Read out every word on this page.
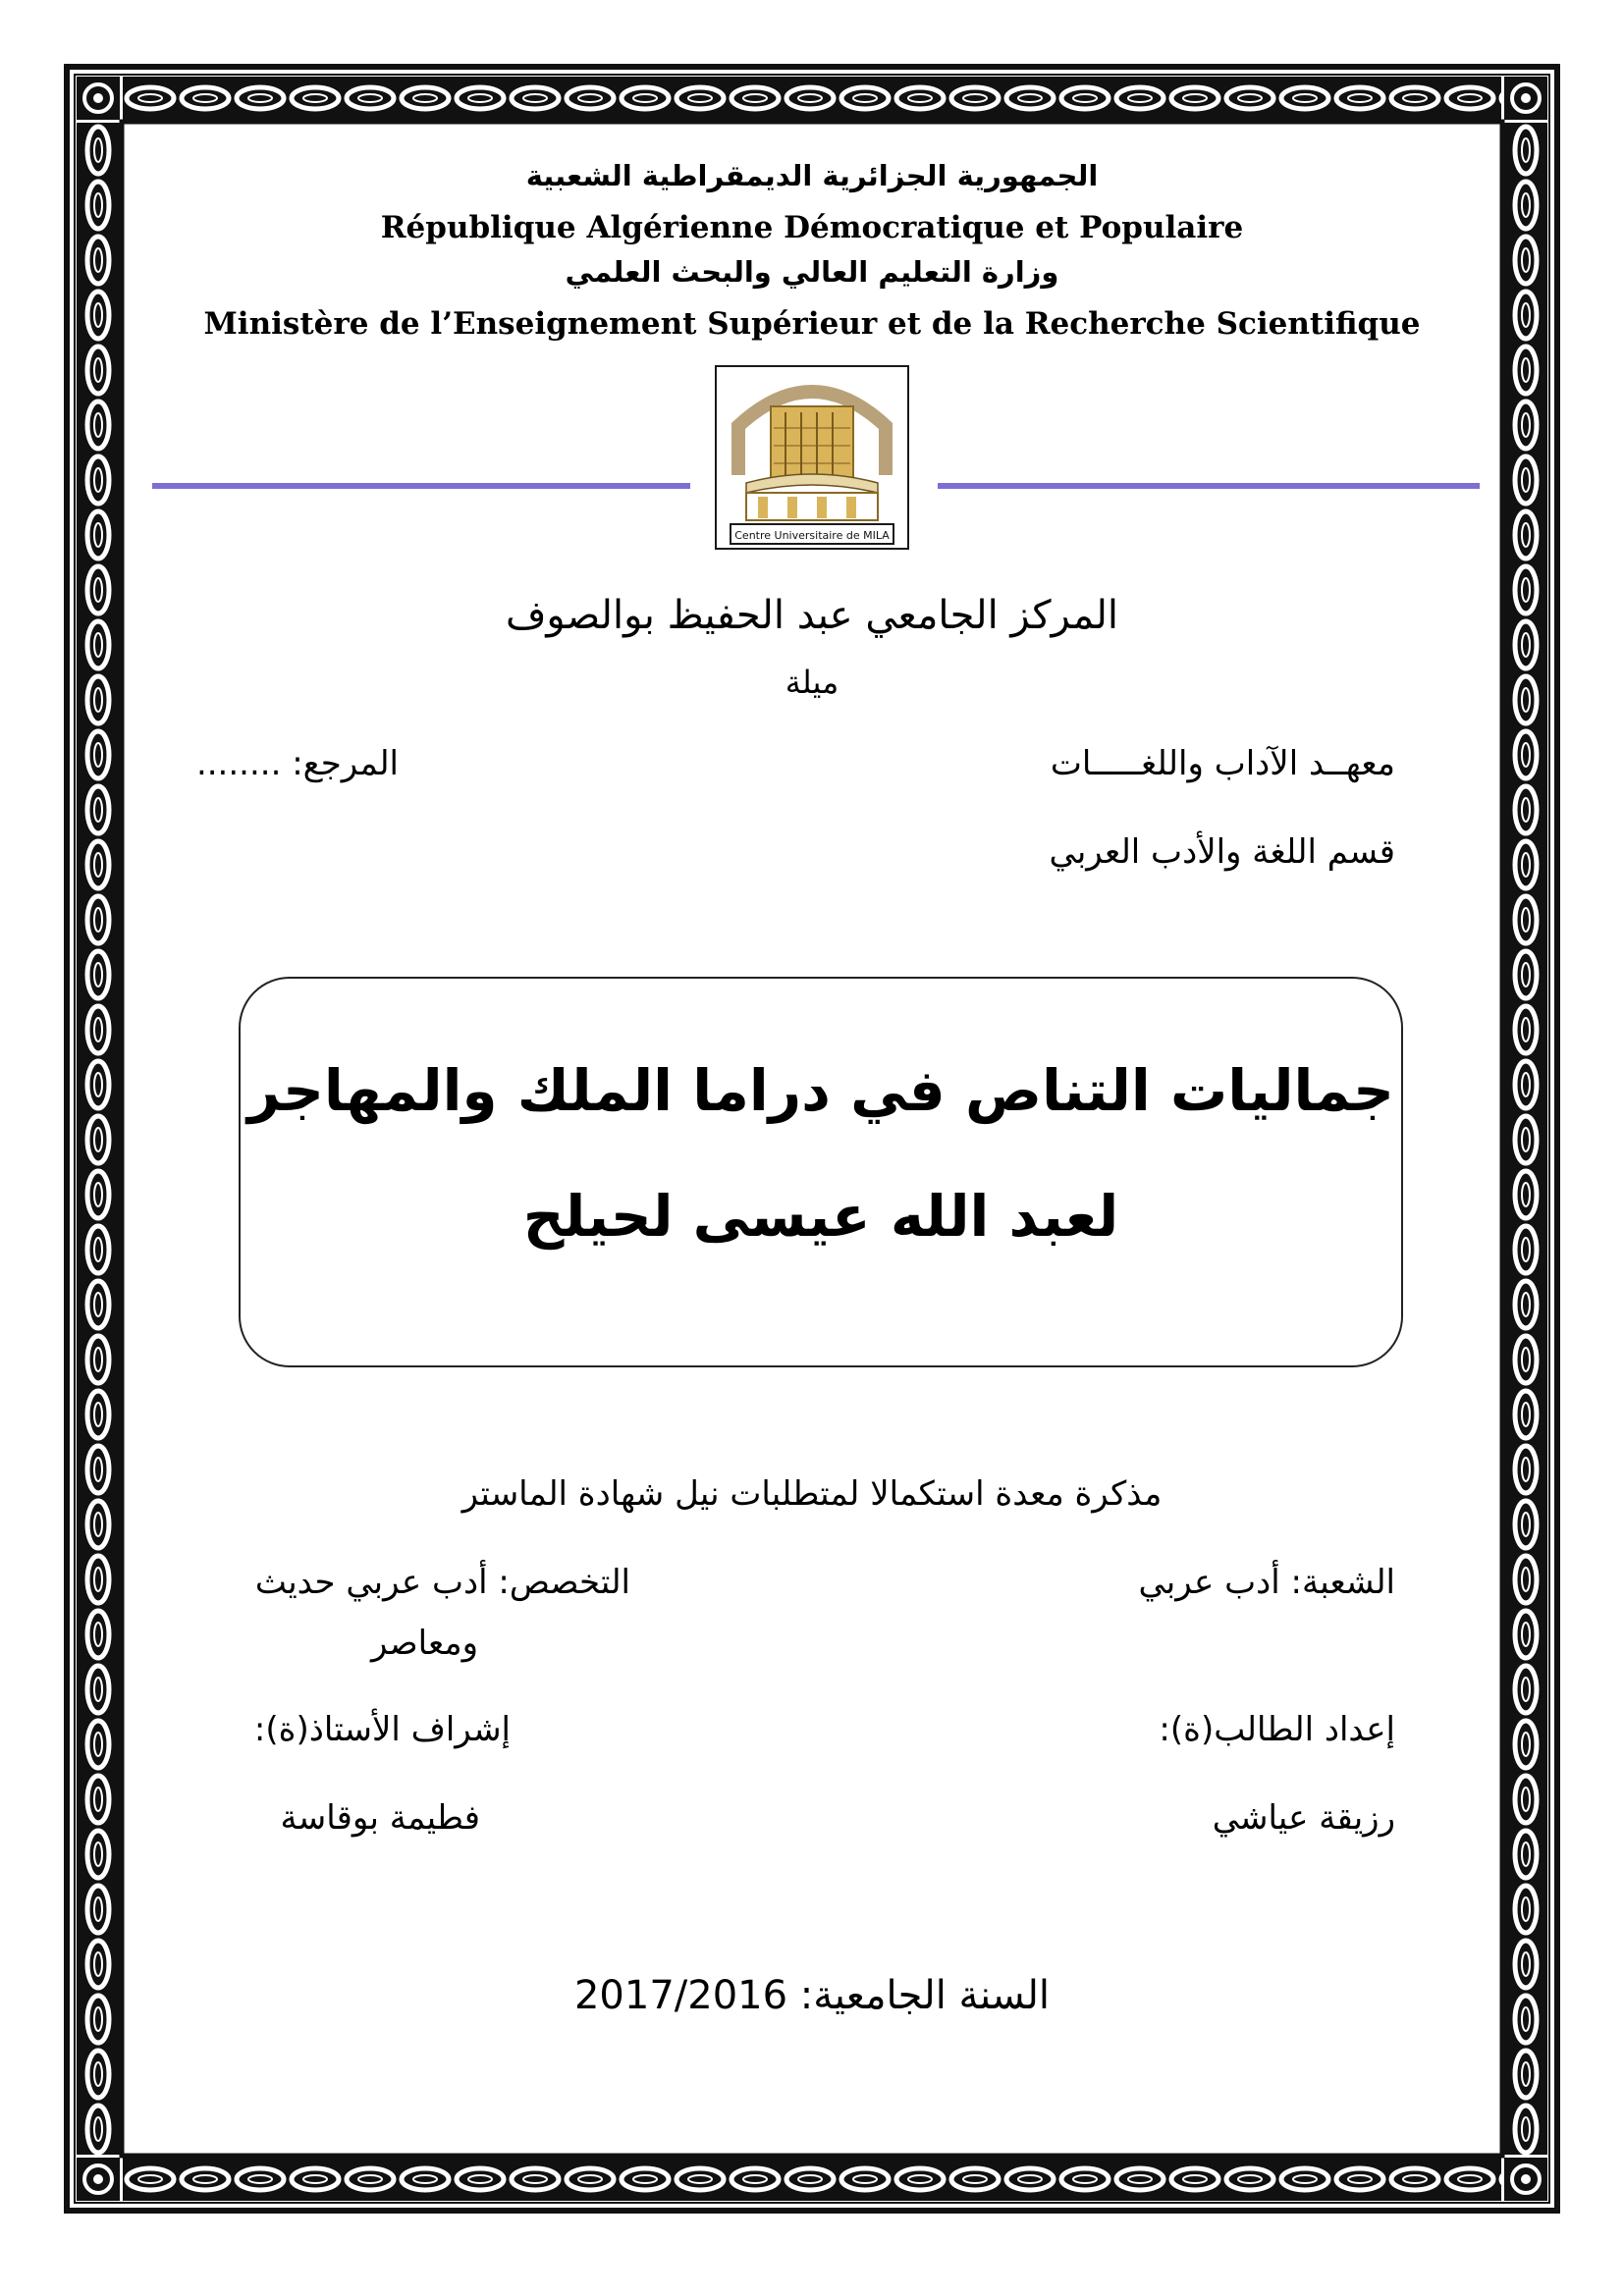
الجمهورية الجزائرية الديمقراطية الشعبية
République Algérienne Démocratique et Populaire
وزارة التعليم العالي والبحث العلمي
Ministère de l’Enseignement Supérieur et de la Recherche Scientifique
Centre Universitaire de MILA
المركز الجامعي عبد الحفيظ بوالصوف
ميلة
معهــد الآداب واللغـــــات
المرجع: ........
قسم اللغة والأدب العربي
جماليات التناص في دراما الملك والمهاجر
لعبد الله عيسى لحيلح
مذكرة معدة استكمالا لمتطلبات نيل شهادة الماستر
الشعبة: أدب عربي
التخصص: أدب عربي حديث
ومعاصر
إعداد الطالب(ة):
إشراف الأستاذ(ة):
رزيقة عياشي
فطيمة بوقاسة
السنة الجامعية: 2017/2016
